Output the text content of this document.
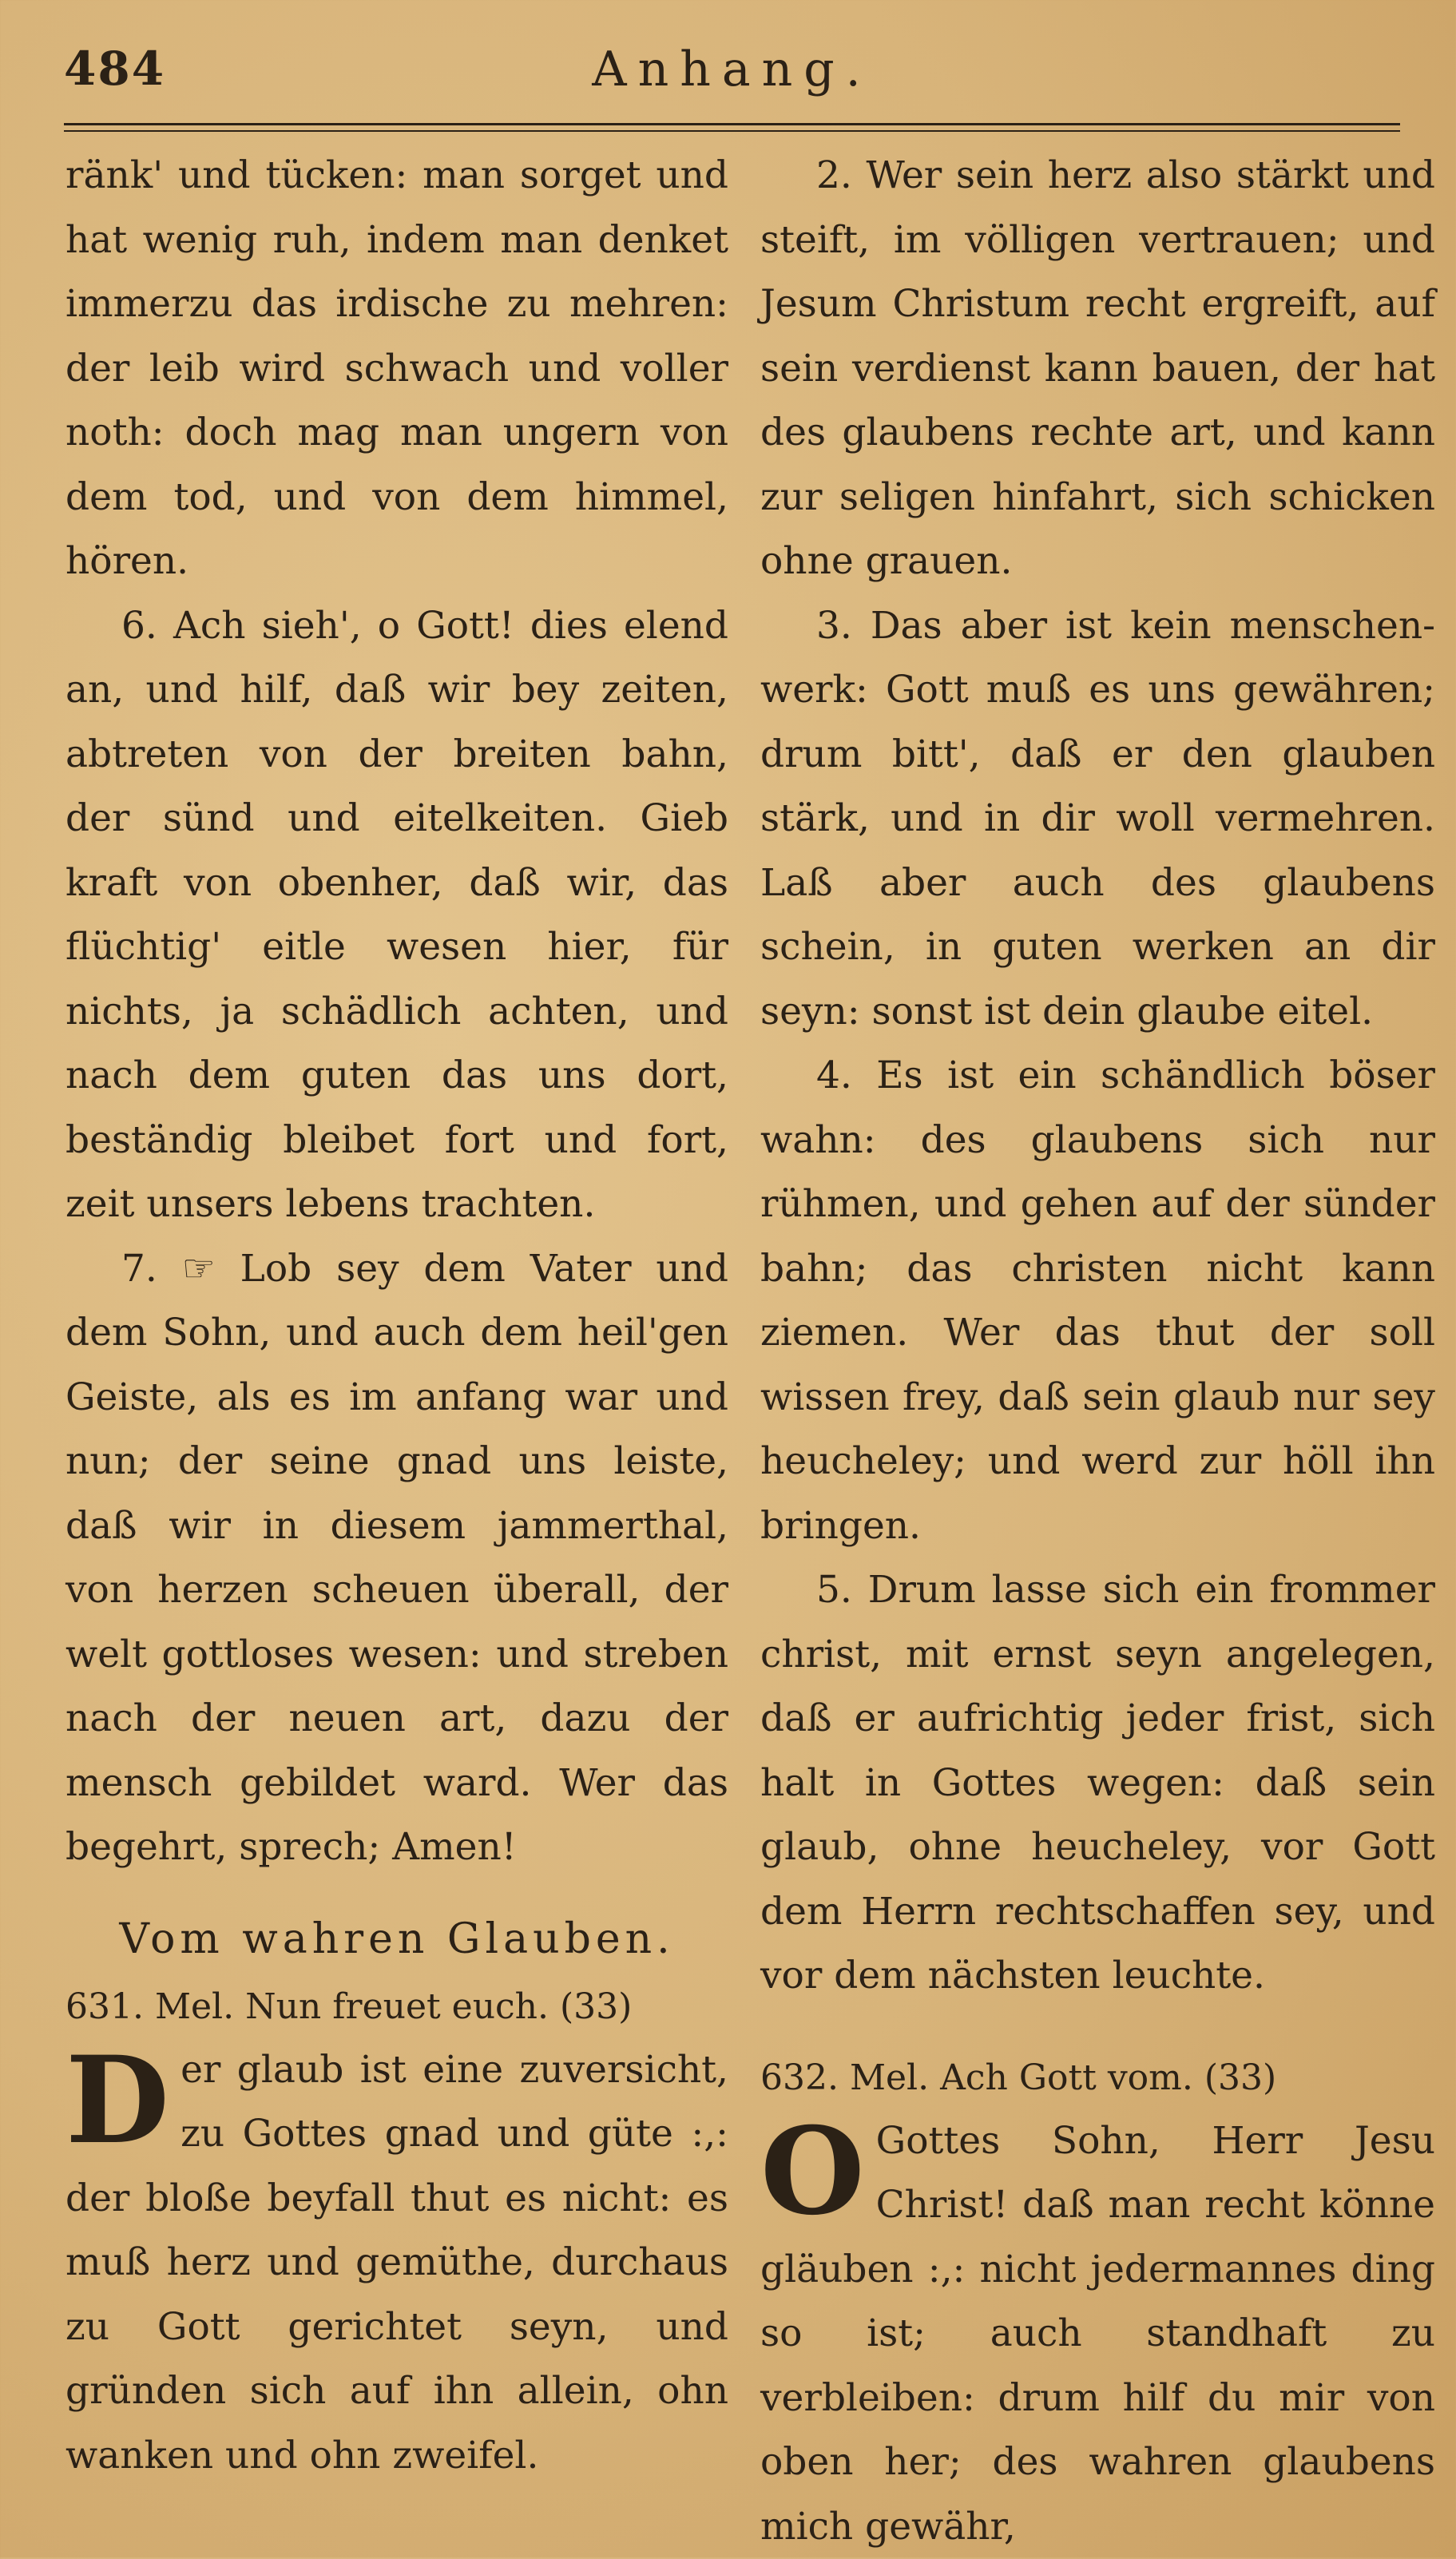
484	Anhang.

ränk' und tücken: man sorget und hat wenig ruh, indem man denket immerzu das irdische zu mehren: der leib wird schwach und voller noth: doch mag man ungern von dem tod, und von dem himmel, hören.

6. Ach sieh', o Gott! dies elend an, und hilf, daß wir bey zeiten, abtreten von der breiten bahn, der sünd und eitelkeiten. Gieb kraft von obenher, daß wir, das flüchtig' eitle wesen hier, für nichts, ja schädlich achten, und nach dem guten das uns dort, beständig bleibet fort und fort, zeit unsers lebens trachten.

7. ☞ Lob sey dem Vater und dem Sohn, und auch dem heil'gen Geiste, als es im anfang war und nun; der seine gnad uns leiste, daß wir in diesem jammerthal, von herzen scheuen überall, der welt gottloses wesen: und streben nach der neuen art, dazu der mensch gebildet ward. Wer das begehrt, sprech; Amen!

Vom wahren Glauben.
631. Mel. Nun freuet euch. (33)
D er glaub ist eine zuversicht, zu Gottes gnad und güte :,: der bloße beyfall thut es nicht: es muß herz und gemüthe, durchaus zu Gott gerichtet seyn, und gründen sich auf ihn allein, ohn wanken und ohn zweifel.

2. Wer sein herz also stärkt und steift, im völligen vertrauen; und Jesum Christum recht ergreift, auf sein verdienst kann bauen, der hat des glaubens rechte art, und kann zur seligen hinfahrt, sich schicken ohne grauen.

3. Das aber ist kein menschen-werk: Gott muß es uns gewähren; drum bitt', daß er den glauben stärk, und in dir woll vermehren. Laß aber auch des glaubens schein, in guten werken an dir seyn: sonst ist dein glaube eitel.

4. Es ist ein schändlich böser wahn: des glaubens sich nur rühmen, und gehen auf der sünder bahn; das christen nicht kann ziemen. Wer das thut der soll wissen frey, daß sein glaub nur sey heucheley; und werd zur höll ihn bringen.

5. Drum lasse sich ein frommer christ, mit ernst seyn angelegen, daß er aufrichtig jeder frist, sich halt in Gottes wegen: daß sein glaub, ohne heucheley, vor Gott dem Herrn rechtschaffen sey, und vor dem nächsten leuchte.

632. Mel. Ach Gott vom. (33)
O Gottes Sohn, Herr Jesu Christ! daß man recht könne gläuben :,: nicht jedermannes ding so ist; auch standhaft zu verbleiben: drum hilf du mir von oben her; des wahren glaubens mich gewähr,
